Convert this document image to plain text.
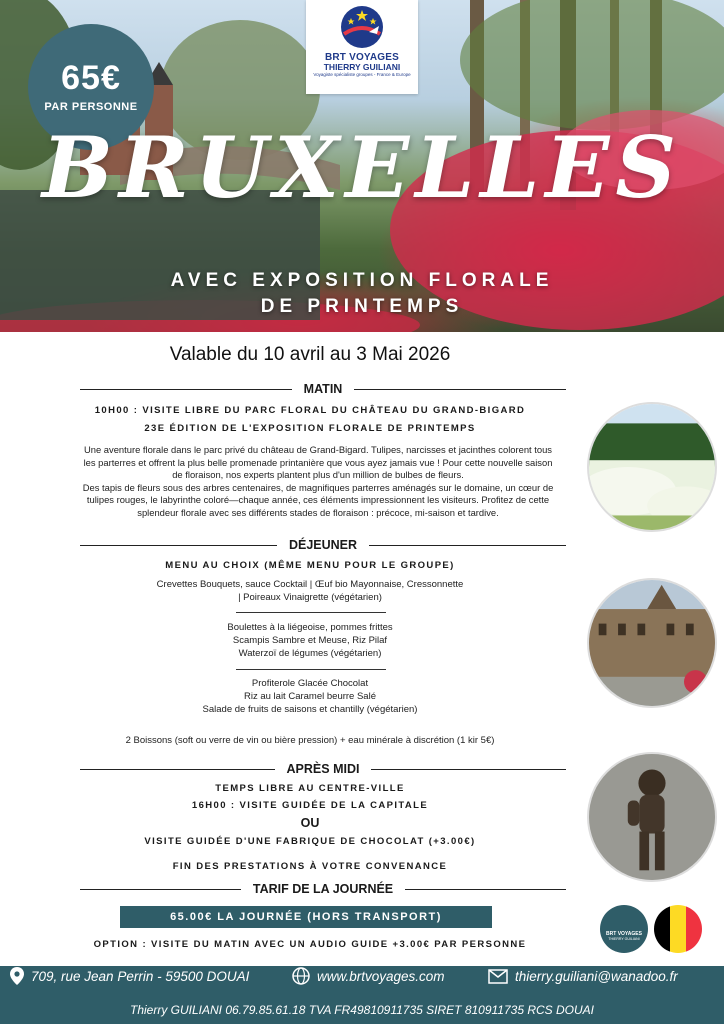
65€
PAR PERSONNE
BRT VOYAGES
THIERRY GUILIANI
Voyagiste spécialiste groupes - France & Europe
BRUXELLES
AVEC EXPOSITION FLORALE
DE PRINTEMPS
Valable du 10 avril au 3 Mai 2026
MATIN
10H00 : VISITE LIBRE DU PARC FLORAL DU CHÂTEAU DU GRAND-BIGARD
23E ÉDITION DE L'EXPOSITION FLORALE DE PRINTEMPS
Une aventure florale dans le parc privé du château de Grand-Bigard. Tulipes, narcisses et jacinthes colorent tous
les parterres et offrent la plus belle promenade printanière que vous ayez jamais vue ! Pour cette nouvelle saison
de floraison, nos experts plantent plus d'un million de bulbes de fleurs.
Des tapis de fleurs sous des arbres centenaires, de magnifiques parterres aménagés sur le domaine, un cœur de
tulipes rouges, le labyrinthe coloré—chaque année, ces éléments impressionnent les visiteurs. Profitez de cette
splendeur florale avec ses différents stades de floraison : précoce, mi-saison et tardive.
DÉJEUNER
MENU AU CHOIX (MÊME MENU POUR LE GROUPE)
Crevettes Bouquets, sauce Cocktail | Œuf bio Mayonnaise, Cressonnette
| Poireaux Vinaigrette (végétarien)
Boulettes à la liégeoise, pommes frittes
Scampis Sambre et Meuse, Riz Pilaf
Waterzoï de légumes (végétarien)
Profiterole Glacée Chocolat
Riz au lait Caramel beurre Salé
Salade de fruits de saisons et chantilly (végétarien)
2 Boissons (soft ou verre de vin ou bière pression) + eau minérale à discrétion (1 kir 5€)
APRÈS MIDI
TEMPS LIBRE AU CENTRE-VILLE
16H00 : VISITE GUIDÉE DE LA CAPITALE
OU
VISITE GUIDÉE D'UNE FABRIQUE DE CHOCOLAT (+3.00€)
FIN DES PRESTATIONS À VOTRE CONVENANCE
TARIF DE LA JOURNÉE
65.00€ LA JOURNÉE (HORS TRANSPORT)
OPTION : VISITE DU MATIN AVEC UN AUDIO GUIDE +3.00€ PAR PERSONNE
BRT VOYAGES
THIERRY GUILIANI
709, rue Jean Perrin - 59500 DOUAI	www.brtvoyages.com	thierry.guiliani@wanadoo.fr
Thierry GUILIANI 06.79.85.61.18 TVA FR49810911735 SIRET 810911735 RCS DOUAI
